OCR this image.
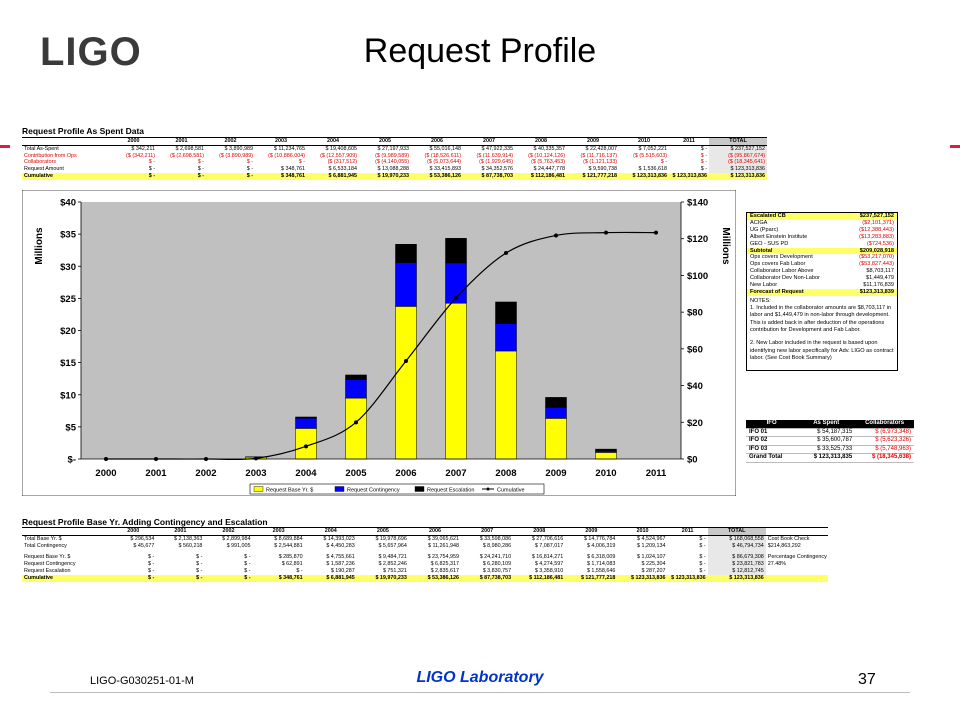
LIGO	Request Profile
Request Profile As Spent Data
	2000	2001	2002	2003	2004	2005	2006	2007	2008	2009	2010	2011	TOTAL
Total As-Spent	$ 342,211	$ 2,698,581	$ 3,890,989	$ 11,234,765	$ 19,408,605	$ 27,197,933	$ 55,016,148	$ 47,922,335	$ 40,335,357	$ 22,428,007	$ 7,052,221	$ -	$ 237,527,152
Contribution from Ops	($ (342,211)	($ (2,698,581)	($ (3,890,989)	($ (10,886,004)	($ (12,557,909)	($ (9,989,589)	($ (18,526,611)	($ (11,639,914)	($ (10,124,126)	($ (11,716,137)	($ (5,515,603)	$ -	($ (95,867,674)
Collaborators	$ -	$ -	$ -	$ -	($ (317,512)	($ (4,140,055)	($ (5,073,644)	($ (1,929,645)	($ (5,763,453)	($ (1,121,133)	$ -	$ -	($ (18,345,641)
Request Amount	$ -	$ -	$ -	$ 348,761	$ 6,533,184	$ 13,088,288	$ 33,415,893	$ 34,352,576	$ 24,447,778	$ 9,590,738	$ 1,536,618	$ -	$ 123,313,836
Cumulative	$ -	$ -	$ -	$ 348,761	$ 6,881,945	$ 19,970,233	$ 53,386,126	$ 87,738,703	$ 112,186,481	$ 121,777,218	$ 123,313,836	$ 123,313,836	$ 123,313,836
$-
$5
$10
$15
$20
$25
$30
$35
$40
$0
$20
$40
$60
$80
$100
$120
$140
2000	2001	2002	2003	2004	2005	2006	2007	2008	2009	2010	2011
Millions	Millions
Request Base Yr. $	Request Contingency	Request Escalation	Cumulative
Escalated CB	$237,527,152
ACIGA	($2,101,371)
UG (Pparc)	($12,388,443)
Albert Einstein Institute	($13,283,883)
GEO - SUS PD	($724,536)
Subtotal	$209,028,918
Ops covers Development	($53,217,070)
Ops covers Fab Labor	($53,827,443)
Collaborator Labor Above	$8,703,117
Collaborator Dev Non-Labor	$1,449,479
New Labor	$11,176,839
Forecast of Request	$123,313,839
NOTES:
1. Included in the collaborator amounts are $8,703,117 in labor and $1,449,479 in non-labor through development. This is added back in after deduction of the operations contribution for Development and Fab Labor.
2. New Labor included in the request is based upon identifying new labor specifically for Adv. LIGO as contract labor. (See Cost Book Summary)
IFO	As Spent	Collaborators
IFO 01	$ 54,187,315	$ (6,973,348)
IFO 02	$ 35,600,787	$ (5,623,326)
IFO 03	$ 33,525,733	$ (5,748,963)
Grand Total	$ 123,313,835	$ (18,345,638)
Request Profile Base Yr. Adding Contingency and Escalation
	2000	2001	2002	2003	2004	2005	2006	2007	2008	2009	2010	2011	TOTAL	
Total Base Yr. $	$ 296,534	$ 2,138,363	$ 2,899,984	$ 8,689,884	$ 14,393,023	$ 19,978,696	$ 39,065,621	$ 33,598,086	$ 27,706,616	$ 14,776,784	$ 4,524,967	$ -	$ 168,068,558	Cost Book Check
Total Contingency	$ 45,677	$ 560,218	$ 991,005	$ 2,544,881	$ 4,450,283	$ 5,657,964	$ 11,261,948	$ 8,980,286	$ 7,087,017	$ 4,006,319	$ 1,209,134	$ -	$ 46,794,734	$214,863,292

Request Base Yr. $	$ -	$ -	$ -	$ 285,870	$ 4,755,661	$ 9,484,721	$ 23,754,959	$ 24,241,710	$ 16,814,271	$ 6,318,009	$ 1,024,107	$ -	$ 86,679,308	Percentage Contingency
Request Contingency	$ -	$ -	$ -	$ 62,891	$ 1,587,236	$ 2,852,246	$ 6,825,317	$ 6,280,109	$ 4,274,597	$ 1,714,083	$ 225,304	$ -	$ 23,821,783	27.48%
Request Escalation	$ -	$ -	$ -	$ -	$ 190,287	$ 751,321	$ 2,835,617	$ 3,830,757	$ 3,358,910	$ 1,558,646	$ 287,207	$ -	$ 12,812,745	
Cumulative	$ -	$ -	$ -	$ 348,761	$ 6,881,945	$ 19,970,233	$ 53,386,126	$ 87,738,703	$ 112,186,481	$ 121,777,218	$ 123,313,836	$ 123,313,836	$ 123,313,836	
LIGO-G030251-01-M	LIGO Laboratory	37
